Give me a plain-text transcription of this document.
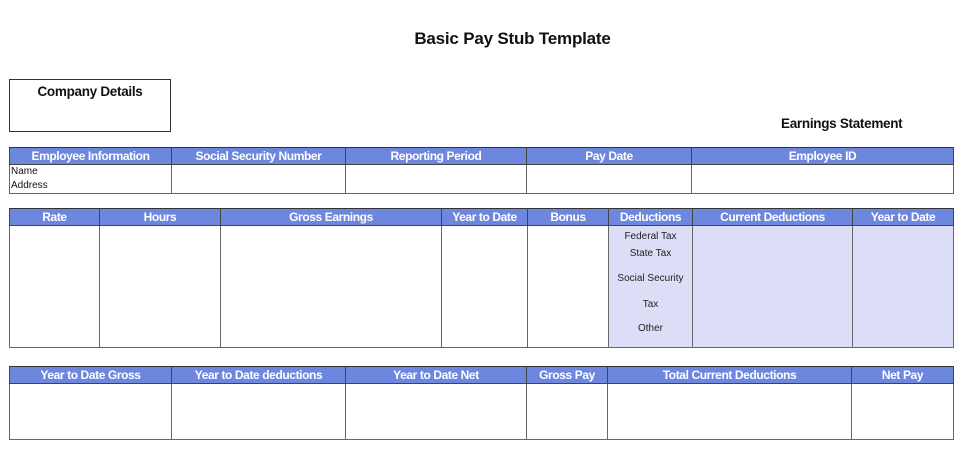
Basic Pay Stub Template
Company Details
Earnings Statement
Employee Information	Social Security Number	Reporting Period	Pay Date	Employee ID

Name
Address				

Rate	Hours	Gross Earnings	Year to Date	Bonus	Deductions	Current Deductions	Year to Date

					Federal Tax
State Tax
Social Security
Tax
Other		

Year to Date Gross	Year to Date deductions	Year to Date Net	Gross Pay	Total Current Deductions	Net Pay
